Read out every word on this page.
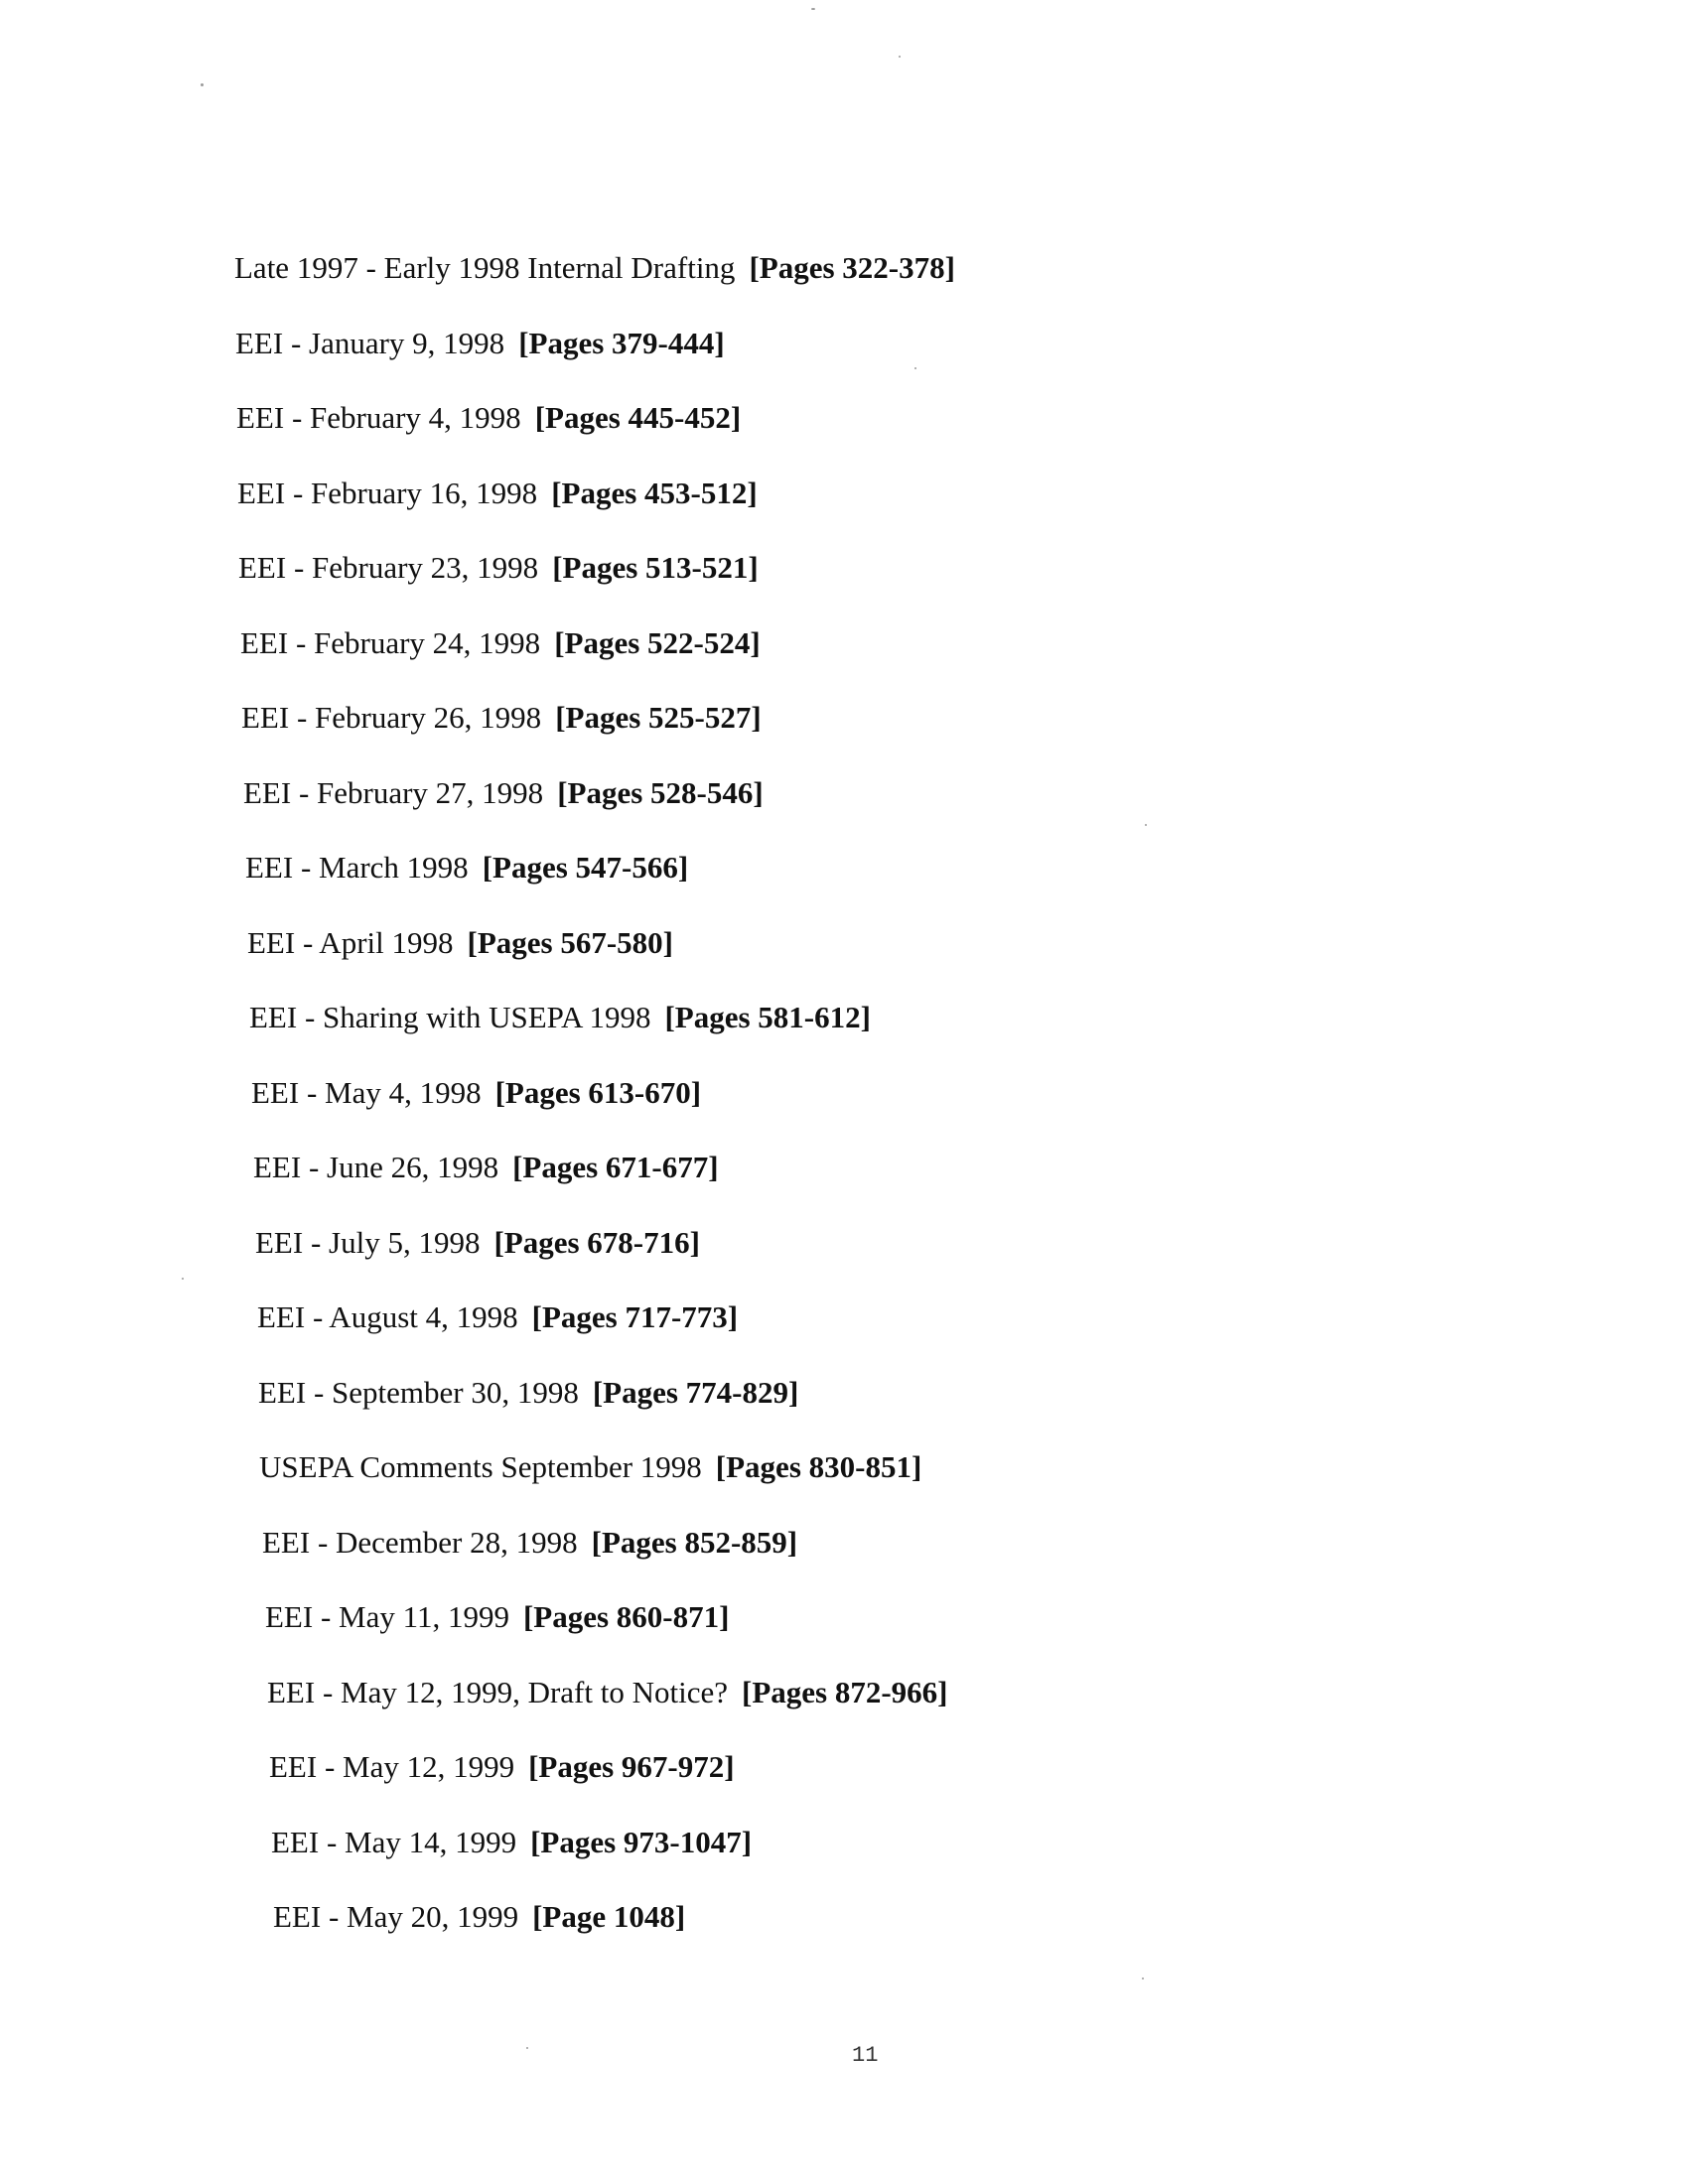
Late 1997 - Early 1998 Internal Drafting [Pages 322-378]
EEI - January 9, 1998 [Pages 379-444]
EEI - February 4, 1998 [Pages 445-452]
EEI - February 16, 1998 [Pages 453-512]
EEI - February 23, 1998 [Pages 513-521]
EEI - February 24, 1998 [Pages 522-524]
EEI - February 26, 1998 [Pages 525-527]
EEI - February 27, 1998 [Pages 528-546]
EEI - March 1998 [Pages 547-566]
EEI - April 1998 [Pages 567-580]
EEI - Sharing with USEPA 1998 [Pages 581-612]
EEI - May 4, 1998 [Pages 613-670]
EEI - June 26, 1998 [Pages 671-677]
EEI - July 5, 1998 [Pages 678-716]
EEI - August 4, 1998 [Pages 717-773]
EEI - September 30, 1998 [Pages 774-829]
USEPA Comments September 1998 [Pages 830-851]
EEI - December 28, 1998 [Pages 852-859]
EEI - May 11, 1999 [Pages 860-871]
EEI - May 12, 1999, Draft to Notice? [Pages 872-966]
EEI - May 12, 1999 [Pages 967-972]
EEI - May 14, 1999 [Pages 973-1047]
EEI - May 20, 1999 [Page 1048]
11
